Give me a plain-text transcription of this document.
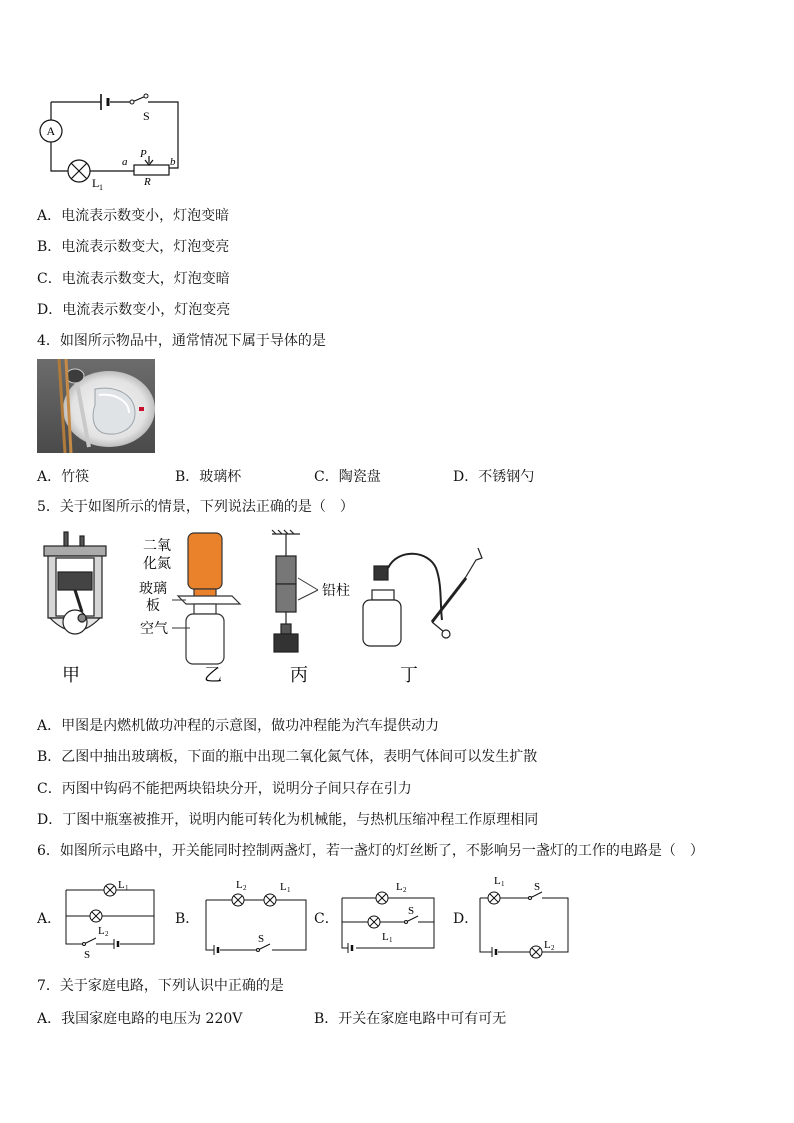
A
L 1
S
a	b
P
R
A．电流表示数变小，灯泡变暗
B．电流表示数变大，灯泡变亮
C．电流表示数变大，灯泡变暗
D．电流表示数变小，灯泡变亮
4．如图所示物品中，通常情况下属于导体的是
A．竹筷	B．玻璃杯	C．陶瓷盘	D．不锈钢勺
5．关于如图所示的情景，下列说法正确的是（　）
甲
二氧
化氮
玻璃
板
空气
乙
铅柱
丙	丁
A．甲图是内燃机做功冲程的示意图，做功冲程能为汽车提供动力
B．乙图中抽出玻璃板，下面的瓶中出现二氧化氮气体，表明气体间可以发生扩散
C．丙图中钩码不能把两块铅块分开，说明分子间只存在引力
D．丁图中瓶塞被推开，说明内能可转化为机械能，与热机压缩冲程工作原理相同
6．如图所示电路中，开关能同时控制两盏灯，若一盏灯的灯丝断了，不影响另一盏灯的工作的电路是（　）
A．
L 1
L 2
S
B．
L 2	L 1
S
C．
L 2
L 1
S	D．
L 1	S
L 2
7．关于家庭电路，下列认识中正确的是
A．我国家庭电路的电压为 220V	B．开关在家庭电路中可有可无
